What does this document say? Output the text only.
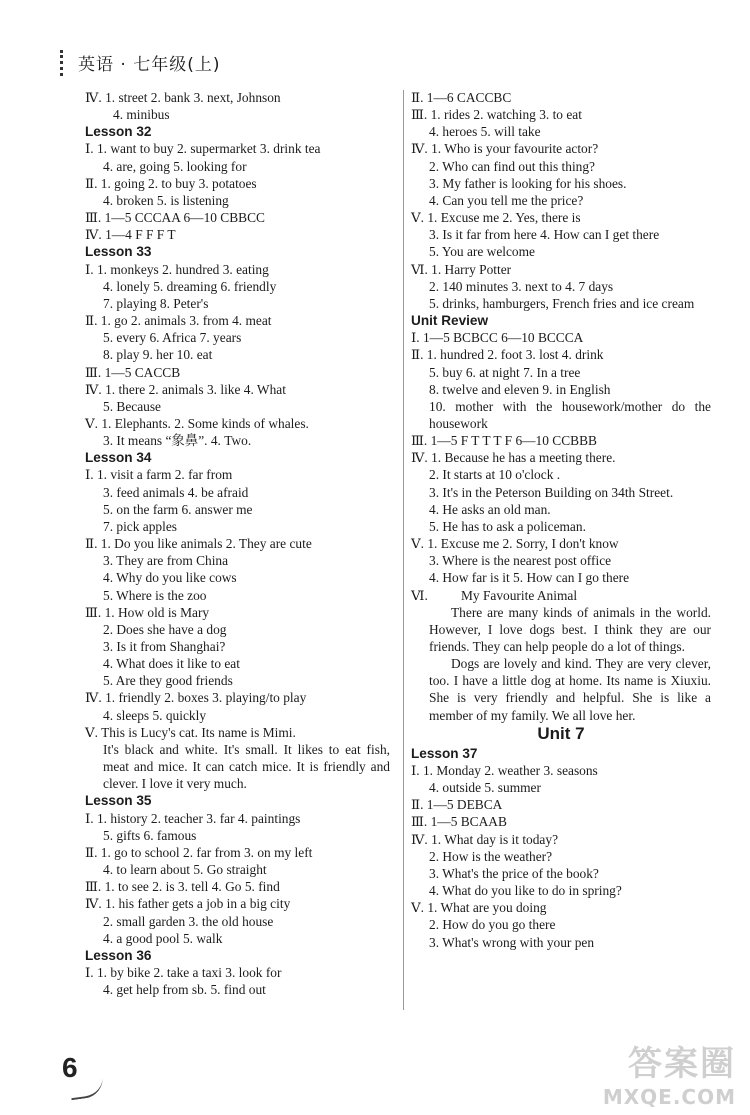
英语 · 七年级(上)
Ⅳ. 1. street 2. bank 3. next, Johnson
4. minibus
Lesson 32
Ⅰ. 1. want to buy 2. supermarket 3. drink tea
4. are, going 5. looking for
Ⅱ. 1. going 2. to buy 3. potatoes
4. broken 5. is listening
Ⅲ. 1—5 CCCAA 6—10 CBBCC
Ⅳ. 1—4 F F F T
Lesson 33
Ⅰ. 1. monkeys 2. hundred 3. eating
4. lonely 5. dreaming 6. friendly
7. playing 8. Peter's
Ⅱ. 1. go 2. animals 3. from 4. meat
5. every 6. Africa 7. years
8. play 9. her 10. eat
Ⅲ. 1—5 CACCB
Ⅳ. 1. there 2. animals 3. like 4. What
5. Because
Ⅴ. 1. Elephants. 2. Some kinds of whales.
3. It means “象鼻”. 4. Two.
Lesson 34
Ⅰ. 1. visit a farm 2. far from
3. feed animals 4. be afraid
5. on the farm 6. answer me
7. pick apples
Ⅱ. 1. Do you like animals 2. They are cute
3. They are from China
4. Why do you like cows
5. Where is the zoo
Ⅲ. 1. How old is Mary
2. Does she have a dog
3. Is it from Shanghai?
4. What does it like to eat
5. Are they good friends
Ⅳ. 1. friendly 2. boxes 3. playing/to play
4. sleeps 5. quickly
Ⅴ. This is Lucy's cat. Its name is Mimi.
It's black and white. It's small. It likes to eat fish, meat and mice. It can catch mice. It is friendly and clever. I love it very much.
Lesson 35
Ⅰ. 1. history 2. teacher 3. far 4. paintings
5. gifts 6. famous
Ⅱ. 1. go to school 2. far from 3. on my left
4. to learn about 5. Go straight
Ⅲ. 1. to see 2. is 3. tell 4. Go 5. find
Ⅳ. 1. his father gets a job in a big city
2. small garden 3. the old house
4. a good pool 5. walk
Lesson 36
Ⅰ. 1. by bike 2. take a taxi 3. look for
4. get help from sb. 5. find out
Ⅱ. 1—6 CACCBC
Ⅲ. 1. rides 2. watching 3. to eat
4. heroes 5. will take
Ⅳ. 1. Who is your favourite actor?
2. Who can find out this thing?
3. My father is looking for his shoes.
4. Can you tell me the price?
Ⅴ. 1. Excuse me 2. Yes, there is
3. Is it far from here 4. How can I get there
5. You are welcome
Ⅵ. 1. Harry Potter
2. 140 minutes 3. next to 4. 7 days
5. drinks, hamburgers, French fries and ice cream
Unit Review
Ⅰ. 1—5 BCBCC 6—10 BCCCA
Ⅱ. 1. hundred 2. foot 3. lost 4. drink
5. buy 6. at night 7. In a tree
8. twelve and eleven 9. in English
10. mother with the housework/mother do the housework
Ⅲ. 1—5 F T T T F 6—10 CCBBB
Ⅳ. 1. Because he has a meeting there.
2. It starts at 10 o'clock .
3. It's in the Peterson Building on 34th Street.
4. He asks an old man.
5. He has to ask a policeman.
Ⅴ. 1. Excuse me 2. Sorry, I don't know
3. Where is the nearest post office
4. How far is it 5. How can I go there
Ⅵ. My Favourite Animal
There are many kinds of animals in the world. However, I love dogs best. I think they are our friends. They can help people do a lot of things.
Dogs are lovely and kind. They are very clever, too. I have a little dog at home. Its name is Xiuxiu. She is very friendly and helpful. She is like a member of my family. We all love her.
Unit 7
Lesson 37
Ⅰ. 1. Monday 2. weather 3. seasons
4. outside 5. summer
Ⅱ. 1—5 DEBCA
Ⅲ. 1—5 BCAAB
Ⅳ. 1. What day is it today?
2. How is the weather?
3. What's the price of the book?
4. What do you like to do in spring?
Ⅴ. 1. What are you doing
2. How do you go there
3. What's wrong with your pen
6	答案圈
MXQE.COM
